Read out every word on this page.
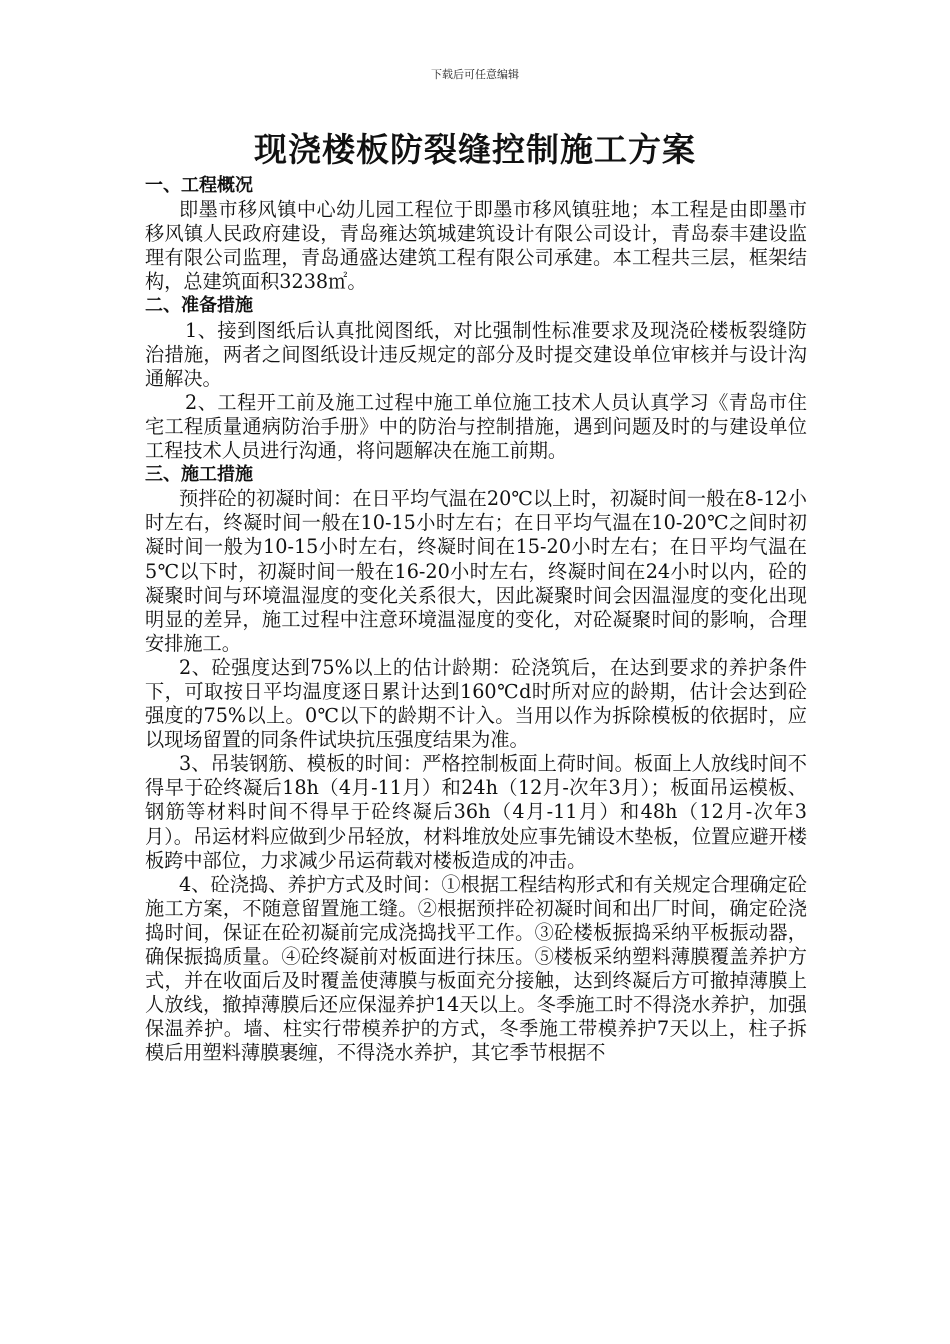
下载后可任意编辑
现浇楼板防裂缝控制施工方案
一、工程概况

即墨市移风镇中心幼儿园工程位于即墨市移风镇驻地；本工程是由即墨市移风镇人民政府建设，青岛雍达筑城建筑设计有限公司设计，青岛泰丰建设监理有限公司监理，青岛通盛达建筑工程有限公司承建。本工程共三层，框架结构，总建筑面积3238㎡。

二、准备措施

1、接到图纸后认真批阅图纸，对比强制性标准要求及现浇砼楼板裂缝防治措施，两者之间图纸设计违反规定的部分及时提交建设单位审核并与设计沟通解决。

2、工程开工前及施工过程中施工单位施工技术人员认真学习《青岛市住宅工程质量通病防治手册》中的防治与控制措施，遇到问题及时的与建设单位工程技术人员进行沟通，将问题解决在施工前期。

三、施工措施

预拌砼的初凝时间：在日平均气温在20℃以上时，初凝时间一般在8-12小时左右，终凝时间一般在10-15小时左右；在日平均气温在10-20℃之间时初凝时间一般为10-15小时左右，终凝时间在15-20小时左右；在日平均气温在5℃以下时，初凝时间一般在16-20小时左右，终凝时间在24小时以内，砼的凝聚时间与环境温湿度的变化关系很大，因此凝聚时间会因温湿度的变化出现明显的差异，施工过程中注意环境温湿度的变化，对砼凝聚时间的影响，合理安排施工。

2、砼强度达到75%以上的估计龄期：砼浇筑后，在达到要求的养护条件下，可取按日平均温度逐日累计达到160℃d时所对应的龄期，估计会达到砼强度的75%以上。0℃以下的龄期不计入。当用以作为拆除模板的依据时，应以现场留置的同条件试块抗压强度结果为准。

3、吊装钢筋、模板的时间：严格控制板面上荷时间。板面上人放线时间不得早于砼终凝后18h（4月-11月）和24h（12月-次年3月）；板面吊运模板、钢筋等材料时间不得早于砼终凝后36h（4月-11月）和48h（12月-次年3月）。吊运材料应做到少吊轻放，材料堆放处应事先铺设木垫板，位置应避开楼板跨中部位，力求减少吊运荷载对楼板造成的冲击。

4、砼浇捣、养护方式及时间：①根据工程结构形式和有关规定合理确定砼施工方案，不随意留置施工缝。②根据预拌砼初凝时间和出厂时间，确定砼浇捣时间，保证在砼初凝前完成浇捣找平工作。③砼楼板振捣采纳平板振动器，确保振捣质量。④砼终凝前对板面进行抹压。⑤楼板采纳塑料薄膜覆盖养护方式，并在收面后及时覆盖使薄膜与板面充分接触，达到终凝后方可撤掉薄膜上人放线，撤掉薄膜后还应保湿养护14天以上。冬季施工时不得浇水养护，加强保温养护。墙、柱实行带模养护的方式，冬季施工带模养护7天以上，柱子拆模后用塑料薄膜裹缠，不得浇水养护，其它季节根据不
